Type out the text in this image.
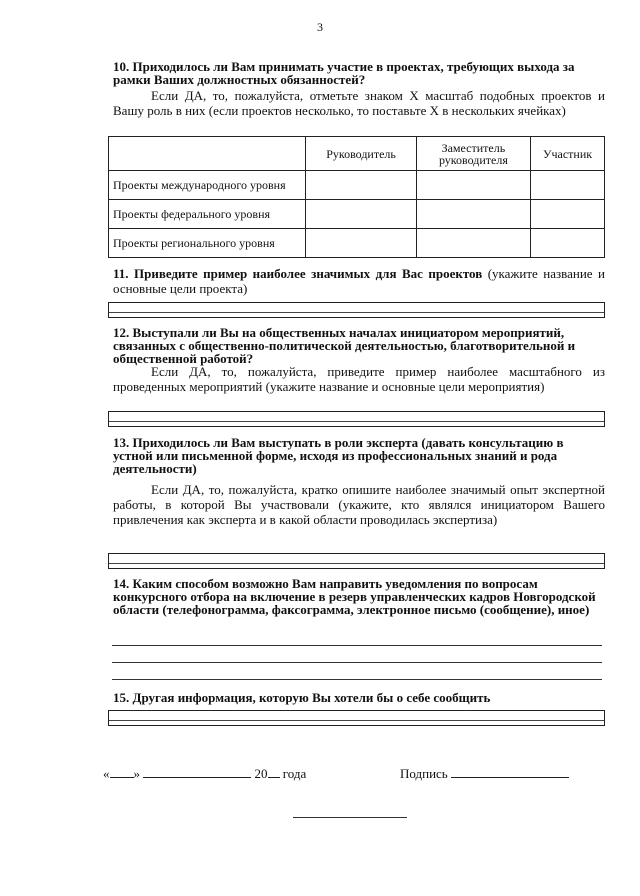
3
10. Приходилось ли Вам принимать участие в проектах, требующих выхода за рамки Ваших должностных обязанностей?
Если ДА, то, пожалуйста, отметьте знаком Х масштаб подобных проектов и Вашу роль в них (если проектов несколько, то поставьте Х в нескольких ячейках)
	Руководитель	Заместитель руководителя	Участник
Проекты международного уровня			
Проекты федерального уровня			
Проекты регионального уровня			
11. Приведите пример наиболее значимых для Вас проектов (укажите название и основные цели проекта)
12. Выступали ли Вы на общественных началах инициатором мероприятий, связанных с общественно-политической деятельностью, благотворительной и общественной работой?
Если ДА, то, пожалуйста, приведите пример наиболее масштабного из проведенных мероприятий (укажите название и основные цели мероприятия)
13. Приходилось ли Вам выступать в роли эксперта (давать консультацию в устной или письменной форме, исходя из профессиональных знаний и рода деятельности)
Если ДА, то, пожалуйста, кратко опишите наиболее значимый опыт экспертной работы, в которой Вы участвовали (укажите, кто являлся инициатором Вашего привлечения как эксперта и в какой области проводилась экспертиза)
14. Каким способом возможно Вам направить уведомления по вопросам конкурсного отбора на включение в резерв управленческих кадров Новгородской области (телефонограмма, факсограмма, электронное письмо (сообщение), иное)
15. Другая информация, которую Вы хотели бы о себе сообщить
« »	20 года	Подпись
